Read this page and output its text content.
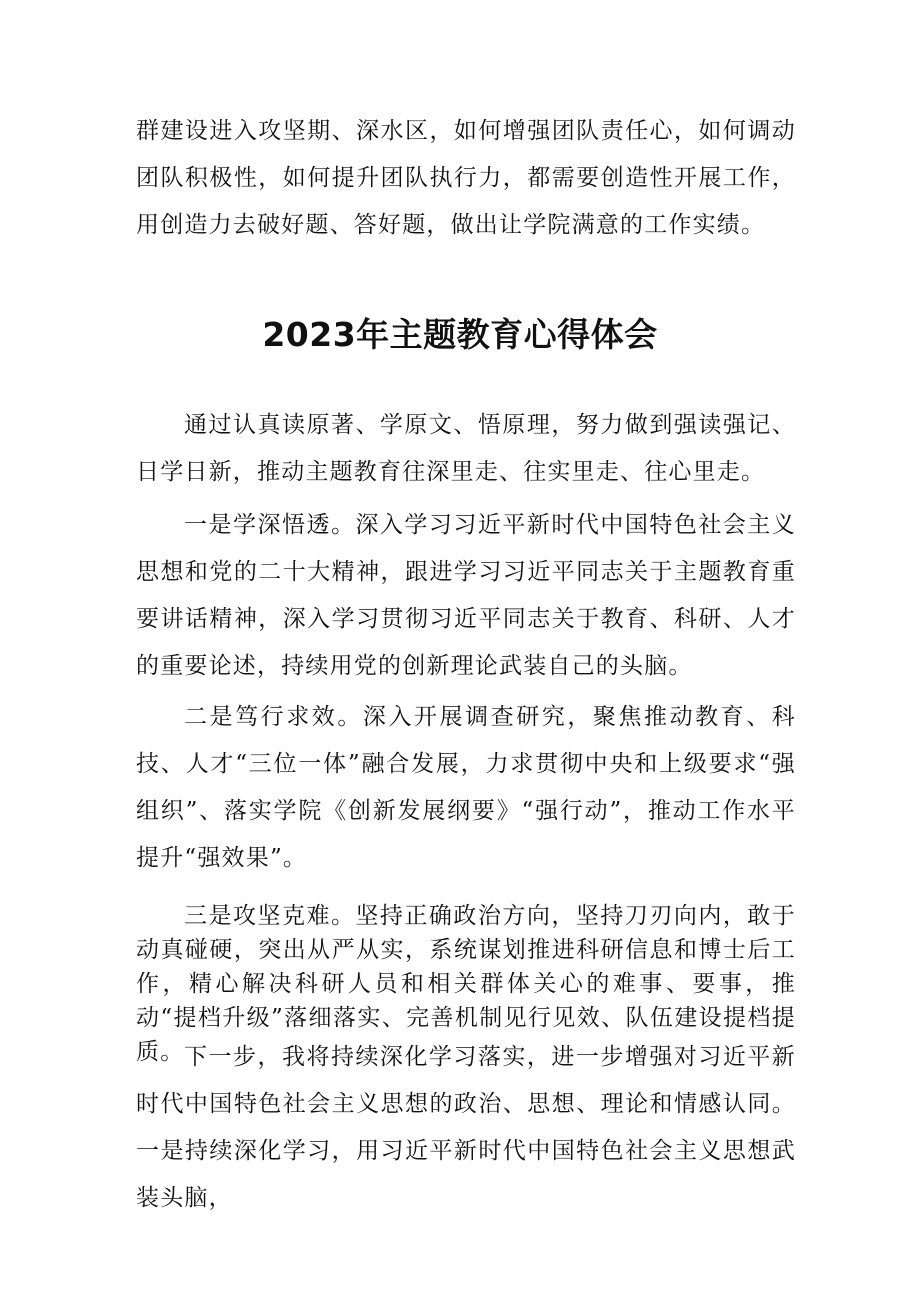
群建设进入攻坚期、深水区，如何增强团队责任心，如何调动团队积极性，如何提升团队执行力，都需要创造性开展工作，用创造力去破好题、答好题，做出让学院满意的工作实绩。

2023年主题教育心得体会

通过认真读原著、学原文、悟原理，努力做到强读强记、日学日新，推动主题教育往深里走、往实里走、往心里走。

一是学深悟透。深入学习习近平新时代中国特色社会主义思想和党的二十大精神，跟进学习习近平同志关于主题教育重要讲话精神，深入学习贯彻习近平同志关于教育、科研、人才的重要论述，持续用党的创新理论武装自己的头脑。

二是笃行求效。深入开展调查研究，聚焦推动教育、科技、人才“三位一体”融合发展，力求贯彻中央和上级要求“强组织”、落实学院《创新发展纲要》“强行动”，推动工作水平提升“强效果”。

三是攻坚克难。坚持正确政治方向，坚持刀刃向内，敢于动真碰硬，突出从严从实，系统谋划推进科研信息和博士后工作，精心解决科研人员和相关群体关心的难事、要事，推动“提档升级”落细落实、完善机制见行见效、队伍建设提档提质。 下一步，我将持续深化学习落实，进一步增强对习近平新时代中国特色社会主义思想的政治、思想、理论和情感认同。一是持续深化学习，用习近平新时代中国特色社会主义思想武装头脑，
